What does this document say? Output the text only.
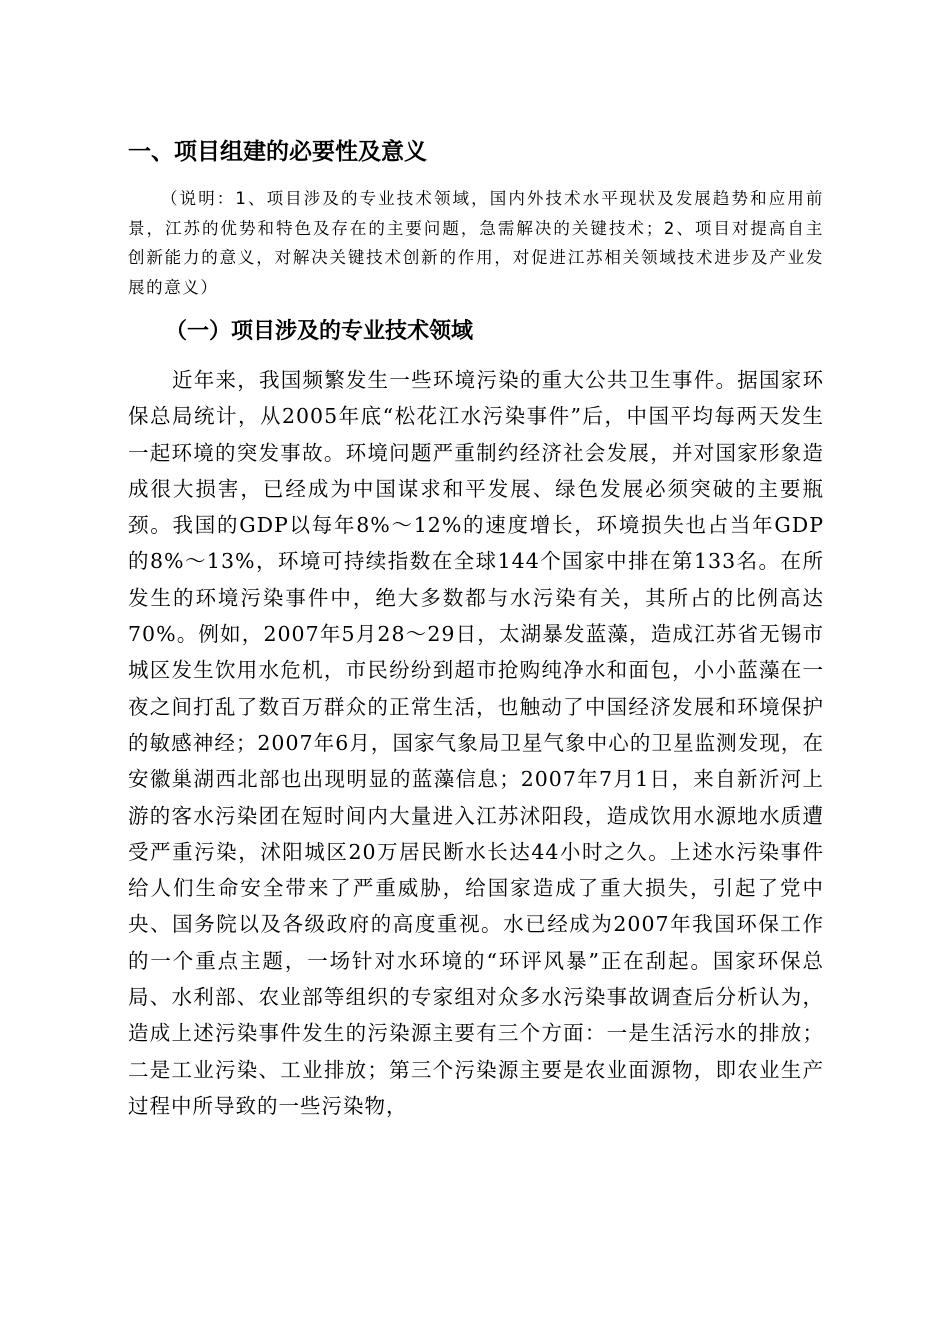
一、项目组建的必要性及意义

（说明：1、项目涉及的专业技术领域，国内外技术水平现状及发展趋势和应用前景，江苏的优势和特色及存在的主要问题，急需解决的关键技术；2、项目对提高自主创新能力的意义，对解决关键技术创新的作用，对促进江苏相关领域技术进步及产业发展的意义）

（一）项目涉及的专业技术领域

近年来，我国频繁发生一些环境污染的重大公共卫生事件。据国家环保总局统计，从2005年底“松花江水污染事件”后，中国平均每两天发生一起环境的突发事故。环境问题严重制约经济社会发展，并对国家形象造成很大损害，已经成为中国谋求和平发展、绿色发展必须突破的主要瓶颈。我国的GDP以每年8%～12%的速度增长，环境损失也占当年GDP的8%～13%，环境可持续指数在全球144个国家中排在第133名。在所发生的环境污染事件中，绝大多数都与水污染有关，其所占的比例高达70%。例如，2007年5月28～29日，太湖暴发蓝藻，造成江苏省无锡市城区发生饮用水危机，市民纷纷到超市抢购纯净水和面包，小小蓝藻在一夜之间打乱了数百万群众的正常生活，也触动了中国经济发展和环境保护的敏感神经；2007年6月，国家气象局卫星气象中心的卫星监测发现，在安徽巢湖西北部也出现明显的蓝藻信息；2007年7月1日，来自新沂河上游的客水污染团在短时间内大量进入江苏沭阳段，造成饮用水源地水质遭受严重污染，沭阳城区20万居民断水长达44小时之久。上述水污染事件给人们生命安全带来了严重威胁，给国家造成了重大损失，引起了党中央、国务院以及各级政府的高度重视。水已经成为2007年我国环保工作的一个重点主题，一场针对水环境的“环评风暴”正在刮起。国家环保总局、水利部、农业部等组织的专家组对众多水污染事故调查后分析认为，造成上述污染事件发生的污染源主要有三个方面：一是生活污水的排放；二是工业污染、工业排放；第三个污染源主要是农业面源物，即农业生产过程中所导致的一些污染物，
